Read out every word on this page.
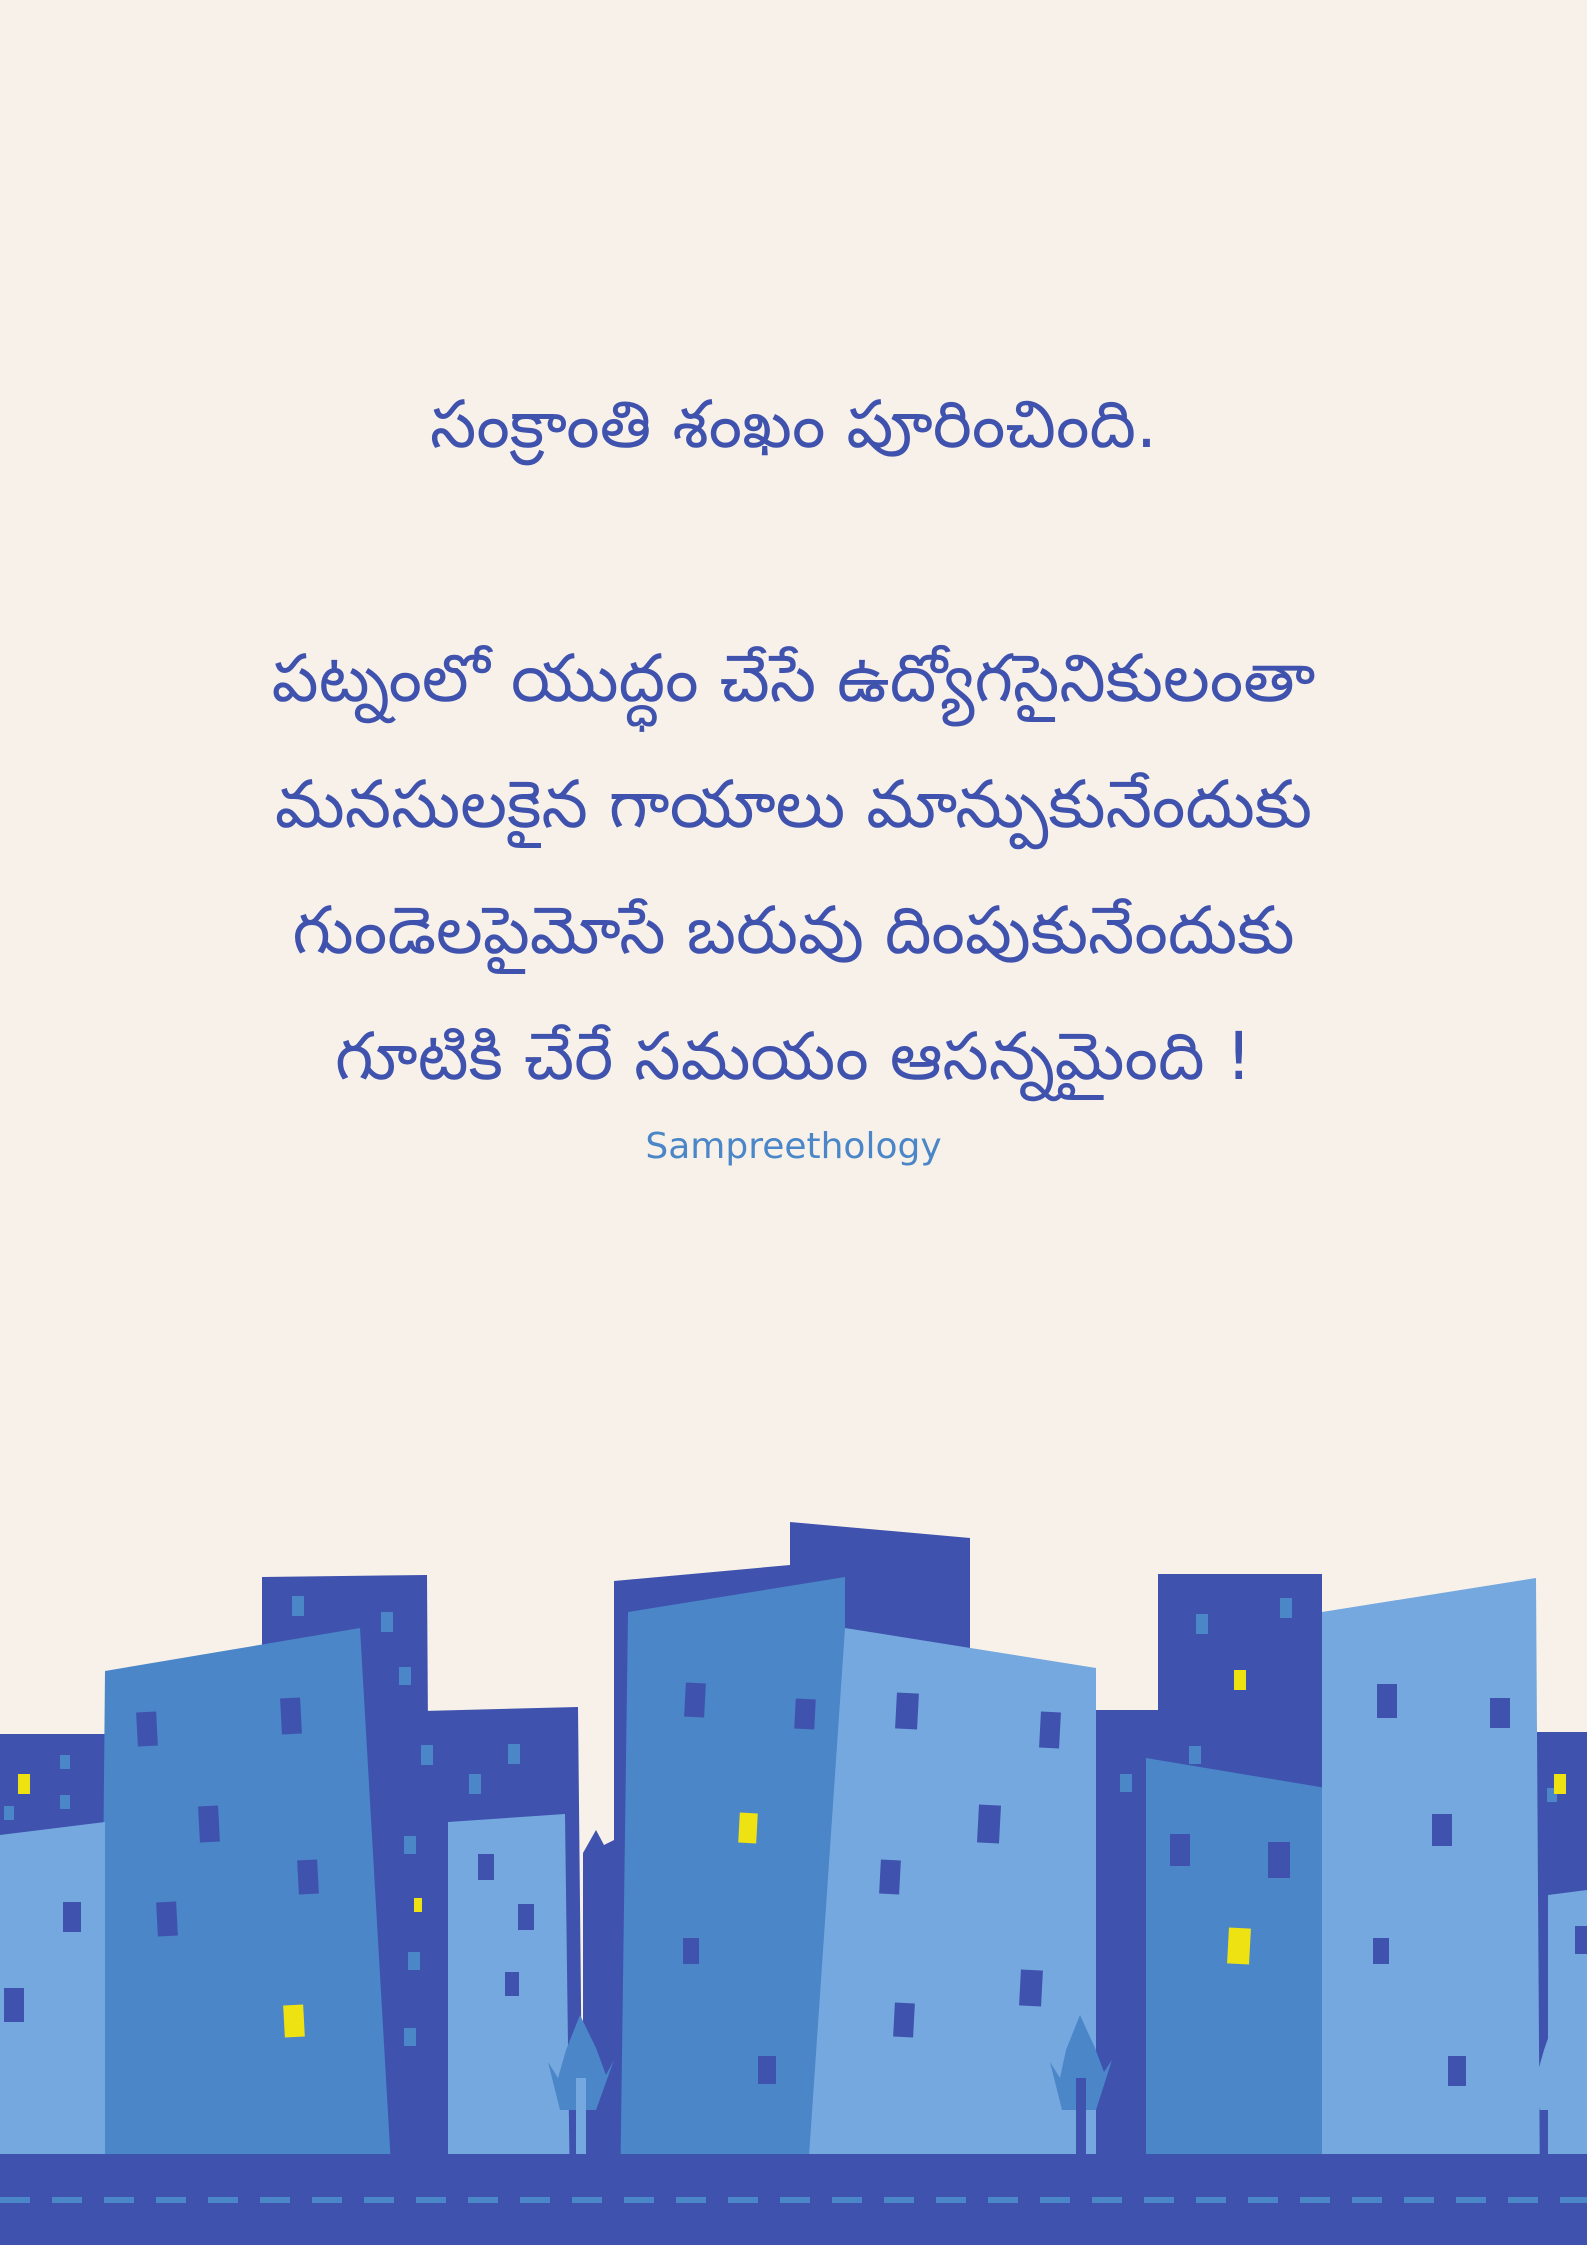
సంక్రాంతి శంఖం పూరించింది.
పట్నంలో యుద్ధం చేసే ఉద్యోగసైనికులంతా
మనసులకైన గాయాలు మాన్పుకునేందుకు
గుండెలపైమోసే బరువు దింపుకునేందుకు
గూటికి చేరే సమయం ఆసన్నమైంది !
Sampreethology
